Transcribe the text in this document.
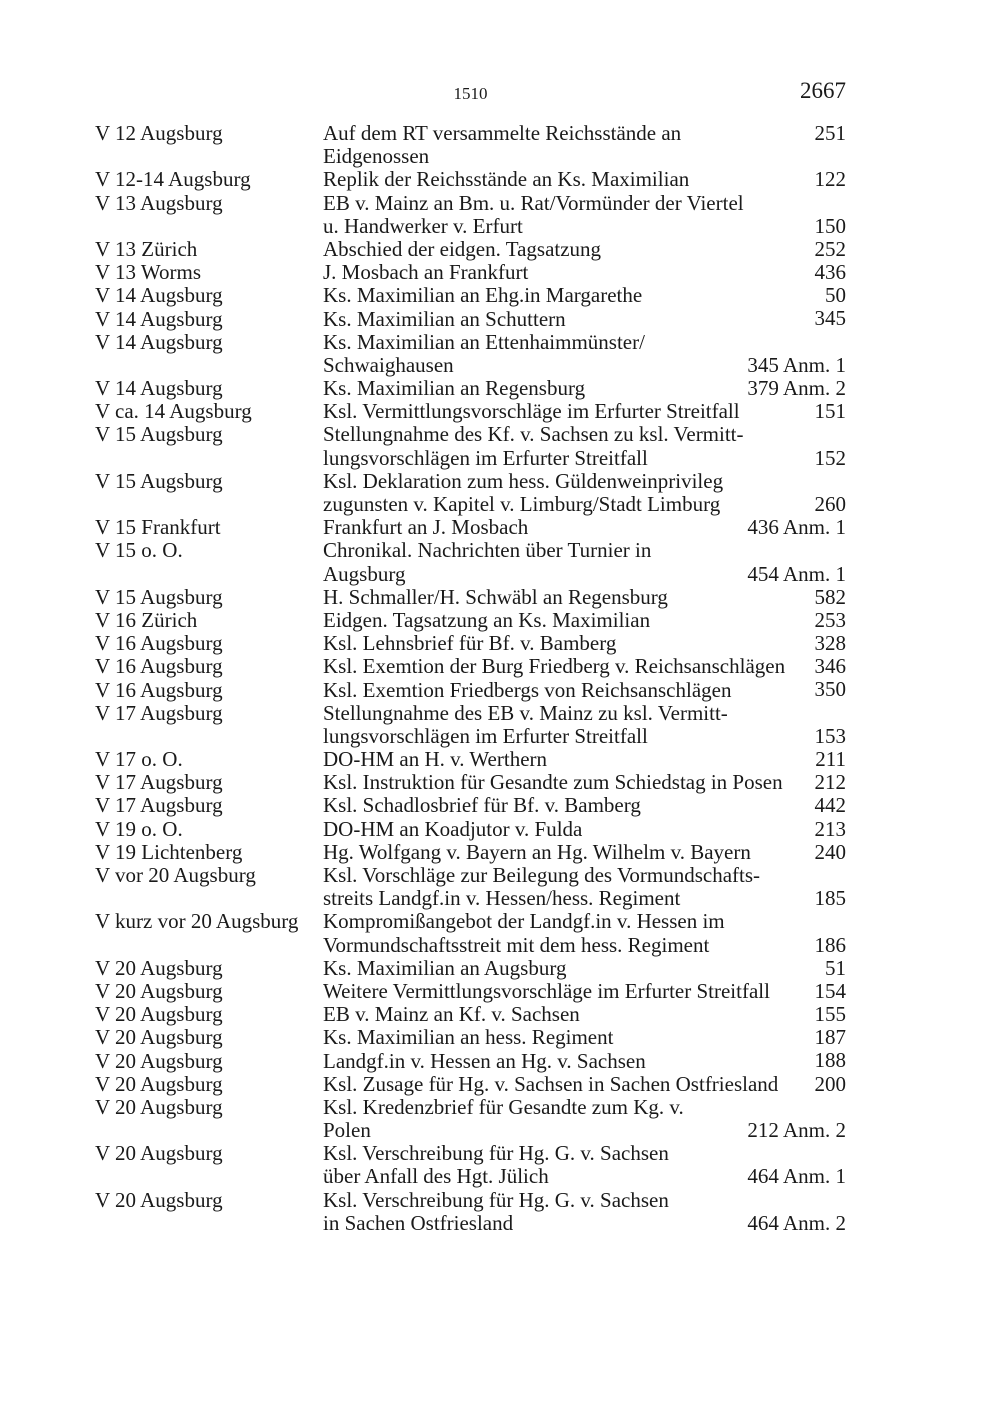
1510	2667
V 12 Augsburg	Auf dem RT versammelte Reichsstände an	251
Eidgenossen
V 12-14 Augsburg	Replik der Reichsstände an Ks. Maximilian	122
V 13 Augsburg	EB v. Mainz an Bm. u. Rat/Vormünder der Viertel
u. Handwerker v. Erfurt	150
V 13 Zürich	Abschied der eidgen. Tagsatzung	252
V 13 Worms	J. Mosbach an Frankfurt	436
V 14 Augsburg	Ks. Maximilian an Ehg.in Margarethe	50
V 14 Augsburg	Ks. Maximilian an Schuttern	345
V 14 Augsburg	Ks. Maximilian an Ettenhaimmünster/
Schwaighausen	345 Anm. 1
V 14 Augsburg	Ks. Maximilian an Regensburg	379 Anm. 2
V ca. 14 Augsburg	Ksl. Vermittlungsvorschläge im Erfurter Streitfall	151
V 15 Augsburg	Stellungnahme des Kf. v. Sachsen zu ksl. Vermitt-
lungsvorschlägen im Erfurter Streitfall	152
V 15 Augsburg	Ksl. Deklaration zum hess. Güldenweinprivileg
zugunsten v. Kapitel v. Limburg/Stadt Limburg	260
V 15 Frankfurt	Frankfurt an J. Mosbach	436 Anm. 1
V 15 o. O.	Chronikal. Nachrichten über Turnier in
Augsburg	454 Anm. 1
V 15 Augsburg	H. Schmaller/H. Schwäbl an Regensburg	582
V 16 Zürich	Eidgen. Tagsatzung an Ks. Maximilian	253
V 16 Augsburg	Ksl. Lehnsbrief für Bf. v. Bamberg	328
V 16 Augsburg	Ksl. Exemtion der Burg Friedberg v. Reichsanschlägen 346
V 16 Augsburg	Ksl. Exemtion Friedbergs von Reichsanschlägen	350
V 17 Augsburg	Stellungnahme des EB v. Mainz zu ksl. Vermitt-
lungsvorschlägen im Erfurter Streitfall	153
V 17 o. O.	DO-HM an H. v. Werthern	211
V 17 Augsburg	Ksl. Instruktion für Gesandte zum Schiedstag in Posen 212
V 17 Augsburg	Ksl. Schadlosbrief für Bf. v. Bamberg	442
V 19 o. O.	DO-HM an Koadjutor v. Fulda	213
V 19 Lichtenberg	Hg. Wolfgang v. Bayern an Hg. Wilhelm v. Bayern	240
V vor 20 Augsburg	Ksl. Vorschläge zur Beilegung des Vormundschafts-
streits Landgf.in v. Hessen/hess. Regiment	185
V kurz vor 20 Augsburg Kompromißangebot der Landgf.in v. Hessen im
Vormundschaftsstreit mit dem hess. Regiment	186
V 20 Augsburg	Ks. Maximilian an Augsburg	51
V 20 Augsburg	Weitere Vermittlungsvorschläge im Erfurter Streitfall 154
V 20 Augsburg	EB v. Mainz an Kf. v. Sachsen	155
V 20 Augsburg	Ks. Maximilian an hess. Regiment	187
V 20 Augsburg	Landgf.in v. Hessen an Hg. v. Sachsen	188
V 20 Augsburg	Ksl. Zusage für Hg. v. Sachsen in Sachen Ostfriesland 200
V 20 Augsburg	Ksl. Kredenzbrief für Gesandte zum Kg. v.
Polen	212 Anm. 2
V 20 Augsburg	Ksl. Verschreibung für Hg. G. v. Sachsen
über Anfall des Hgt. Jülich	464 Anm. 1
V 20 Augsburg	Ksl. Verschreibung für Hg. G. v. Sachsen
in Sachen Ostfriesland	464 Anm. 2
